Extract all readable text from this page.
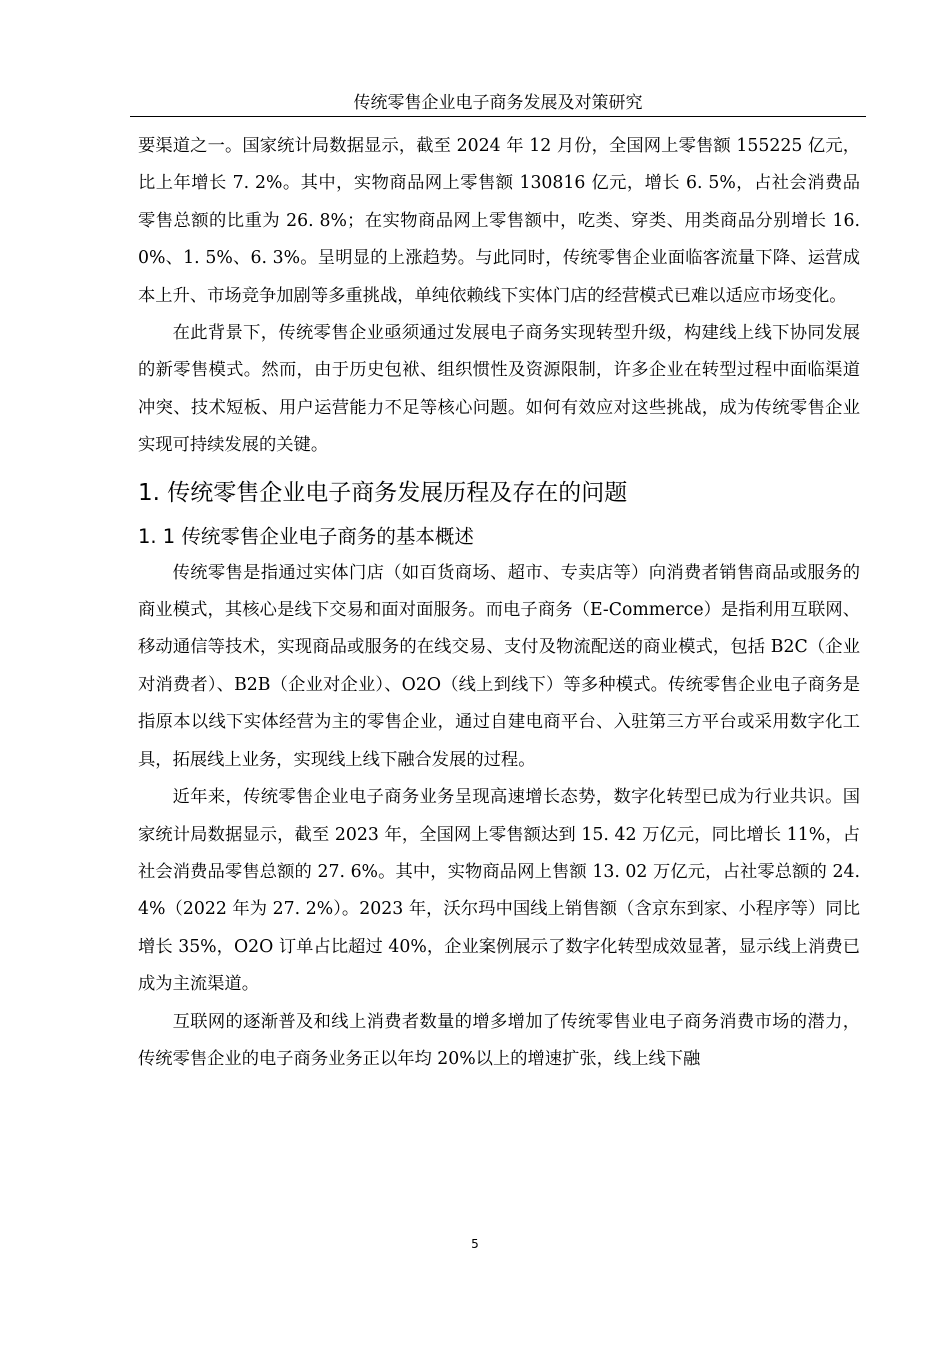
传统零售企业电子商务发展及对策研究

要渠道之一。国家统计局数据显示，截至 2024 年 12 月份，全国网上零售额 155225 亿元，比上年增长 7. 2%。其中，实物商品网上零售额 130816 亿元，增长 6. 5%，占社会消费品零售总额的比重为 26. 8%；在实物商品网上零售额中，吃类、穿类、用类商品分别增长 16. 0%、1. 5%、6. 3%。呈明显的上涨趋势。与此同时，传统零售企业面临客流量下降、运营成本上升、市场竞争加剧等多重挑战，单纯依赖线下实体门店的经营模式已难以适应市场变化。

在此背景下，传统零售企业亟须通过发展电子商务实现转型升级，构建线上线下协同发展的新零售模式。然而，由于历史包袱、组织惯性及资源限制，许多企业在转型过程中面临渠道冲突、技术短板、用户运营能力不足等核心问题。如何有效应对这些挑战，成为传统零售企业实现可持续发展的关键。

1. 传统零售企业电子商务发展历程及存在的问题
1. 1 传统零售企业电子商务的基本概述

传统零售是指通过实体门店（如百货商场、超市、专卖店等）向消费者销售商品或服务的商业模式，其核心是线下交易和面对面服务。而电子商务（E-Commerce）是指利用互联网、移动通信等技术，实现商品或服务的在线交易、支付及物流配送的商业模式，包括 B2C（企业对消费者）、B2B（企业对企业）、O2O（线上到线下）等多种模式。传统零售企业电子商务是指原本以线下实体经营为主的零售企业，通过自建电商平台、入驻第三方平台或采用数字化工具，拓展线上业务，实现线上线下融合发展的过程。

近年来，传统零售企业电子商务业务呈现高速增长态势，数字化转型已成为行业共识。国家统计局数据显示，截至 2023 年，全国网上零售额达到 15. 42 万亿元，同比增长 11%，占社会消费品零售总额的 27. 6%。其中，实物商品网上售额 13. 02 万亿元，占社零总额的 24. 4%（2022 年为 27. 2%）。2023 年，沃尔玛中国线上销售额（含京东到家、小程序等）同比增长 35%，O2O 订单占比超过 40%，企业案例展示了数字化转型成效显著，显示线上消费已成为主流渠道。

互联网的逐渐普及和线上消费者数量的增多增加了传统零售业电子商务消费市场的潜力，传统零售企业的电子商务业务正以年均 20%以上的增速扩张，线上线下融

5
